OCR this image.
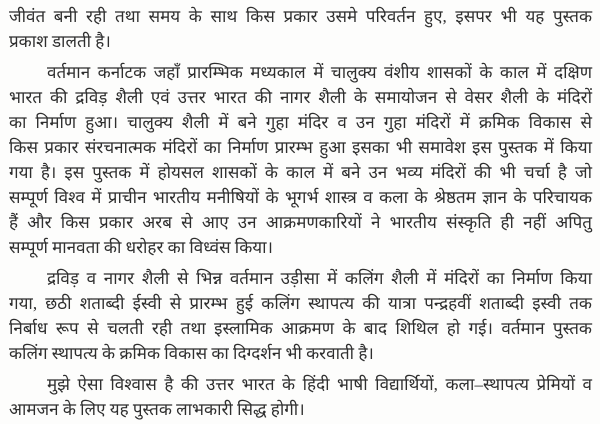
जीवंत बनी रही तथा समय के साथ किस प्रकार उसमे परिवर्तन हुए, इसपर भी यह पुस्तक
प्रकाश डालती है।
वर्तमान कर्नाटक जहाँ प्रारम्भिक मध्यकाल में चालुक्य वंशीय शासकों के काल में दक्षिण
भारत की द्रविड़ शैली एवं उत्तर भारत की नागर शैली के समायोजन से वेसर शैली के मंदिरों
का निर्माण हुआ। चालुक्य शैली में बने गुहा मंदिर व उन गुहा मंदिरों में क्रमिक विकास से
किस प्रकार संरचनात्मक मंदिरों का निर्माण प्रारम्भ हुआ इसका भी समावेश इस पुस्तक में किया
गया है। इस पुस्तक में होयसल शासकों के काल में बने उन भव्य मंदिरों की भी चर्चा है जो
सम्पूर्ण विश्व में प्राचीन भारतीय मनीषियों के भूगर्भ शास्त्र व कला के श्रेष्ठतम ज्ञान के परिचायक
हैं और किस प्रकार अरब से आए उन आक्रमणकारियों ने भारतीय संस्कृति ही नहीं अपितु
सम्पूर्ण मानवता की धरोहर का विध्वंस किया।
द्रविड़ व नागर शैली से भिन्न वर्तमान उड़ीसा में कलिंग शैली में मंदिरों का निर्माण किया
गया, छठी शताब्दी ईस्वी से प्रारम्भ हुई कलिंग स्थापत्य की यात्रा पन्द्रहवीं शताब्दी इस्वी तक
निर्बाध रूप से चलती रही तथा इस्लामिक आक्रमण के बाद शिथिल हो गई। वर्तमान पुस्तक
कलिंग स्थापत्य के क्रमिक विकास का दिग्दर्शन भी करवाती है।
मुझे ऐसा विश्वास है की उत्तर भारत के हिंदी भाषी विद्यार्थियों, कला–स्थापत्य प्रेमियों व
आमजन के लिए यह पुस्तक लाभकारी सिद्ध होगी।
